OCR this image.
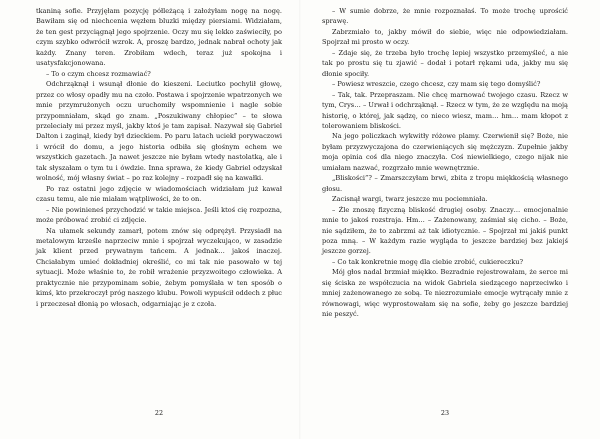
tkaniną sofie. Przyjęłam pozycję półleżącą i założyłam nogę na nogę. Bawiłam się od niechcenia węzłem bluzki między piersiami. Widziałam, że ten gest przyciągnął jego spojrzenie. Oczy mu się lekko zaświeciły, po czym szybko odwrócił wzrok. A, proszę bardzo, jednak nabrał ochoty jak każdy. Znany teren. Zrobiłam wdech, teraz już spokojna i usatysfakcjonowana.

– To o czym chcesz rozmawiać?

Odchrząknął i wsunął dłonie do kieszeni. Leciutko pochylił głowę, przez co włosy opadły mu na czoło. Postawa i spojrzenie wpatrzonych we mnie przymrużonych oczu uruchomiły wspomnienie i nagle sobie przypomniałam, skąd go znam. „Poszukiwany chłopiec” – te słowa przeleciały mi przez myśl, jakby ktoś je tam zapisał. Nazywał się Gabriel Dalton i zaginął, kiedy był dzieckiem. Po paru latach uciekł porywaczowi i wrócił do domu, a jego historia odbiła się głośnym echem we wszystkich gazetach. Ja nawet jeszcze nie byłam wtedy nastolatką, ale i tak słyszałam o tym tu i ówdzie. Inna sprawa, że kiedy Gabriel odzyskał wolność, mój własny świat – po raz kolejny – rozpadł się na kawałki.

Po raz ostatni jego zdjęcie w wiadomościach widziałam już kawał czasu temu, ale nie miałam wątpliwości, że to on.

– Nie powinieneś przychodzić w takie miejsca. Jeśli ktoś cię rozpozna, może próbować zrobić ci zdjęcie.

Na ułamek sekundy zamarł, potem znów się odprężył. Przysiadł na metalowym krześle naprzeciw mnie i spojrzał wyczekująco, w zasadzie jak klient przed prywatnym tańcem. A jednak… jakoś inaczej. Chciałabym umieć dokładniej określić, co mi tak nie pasowało w tej sytuacji. Może właśnie to, że robił wrażenie przyzwoitego człowieka. A praktycznie nie przypominam sobie, żebym pomyślała w ten sposób o kimś, kto przekroczył próg naszego klubu. Powoli wypuścił oddech z płuc i przeczesał dłonią po włosach, odgarniając je z czoła.

– W sumie dobrze, że mnie rozpoznałaś. To może trochę uprościć sprawę.

Zabrzmiało to, jakby mówił do siebie, więc nie odpowiedziałam. Spojrzał mi prosto w oczy.

– Zdaje się, że trzeba było trochę lepiej wszystko przemyśleć, a nie tak po prostu się tu zjawić – dodał i potarł rękami uda, jakby mu się dłonie spociły.

– Powiesz wreszcie, czego chcesz, czy mam się tego domyślić?

– Tak, tak. Przepraszam. Nie chcę marnować twojego czasu. Rzecz w tym, Crys… – Urwał i odchrząknął. – Rzecz w tym, że ze względu na moją historię, o której, jak sądzę, co nieco wiesz, mam… hm… mam kłopot z tolerowaniem bliskości.

Na jego policzkach wykwitły różowe plamy. Czerwienił się? Boże, nie byłam przyzwyczajona do czerwieniących się mężczyzn. Zupełnie jakby moja opinia coś dla niego znaczyła. Coś niewielkiego, czego nijak nie umiałam nazwać, rozgrzało mnie wewnętrznie.

„Bliskości”? – Zmarszczyłam brwi, zbita z tropu miękkością własnego głosu.

Zacisnął wargi, twarz jeszcze mu pociemniała.

– Źle znoszę fizyczną bliskość drugiej osoby. Znaczy… emocjonalnie mnie to jakoś rozstraja. Hm… – Zażenowany, zaśmiał się cicho. – Boże, nie sądziłem, że to zabrzmi aż tak idiotycznie. – Spojrzał mi jakiś punkt poza mną. – W każdym razie wygląda to jeszcze bardziej bez jakiejś jeszcze gorzej.

– Co tak konkretnie mogę dla ciebie zrobić, cukiereczku?

Mój głos nadal brzmiał miękko. Bezradnie rejestrowałam, że serce mi się ściska ze współczucia na widok Gabriela siedzącego naprzeciwko i mniej zażenowanego ze sobą. Te niezrozumiałe emocje wytrącały mnie z równowagi, więc wyprostowałam się na sofie, żeby go jeszcze bardziej nie peszyć.

22	23
